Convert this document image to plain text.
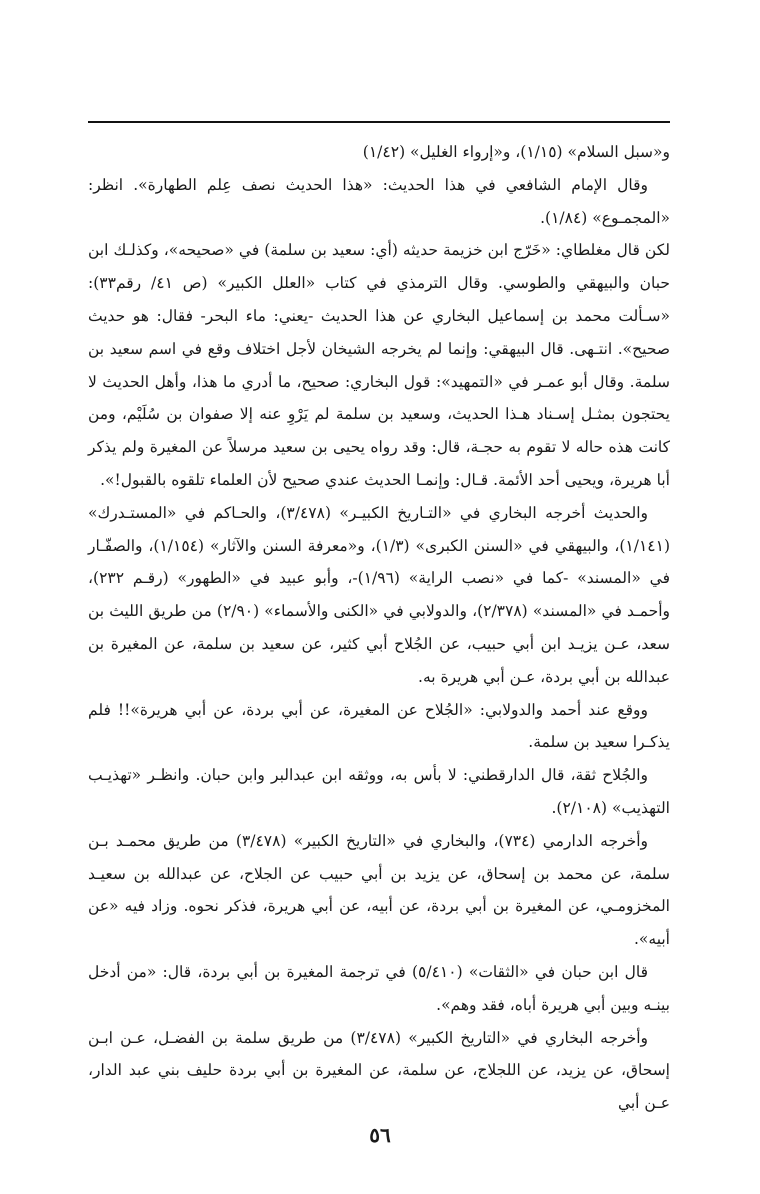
و«سبل السلام» (١/١٥)، و«إرواء الغليل» (١/٤٢)

وقال الإمام الشافعي في هذا الحديث: «هذا الحديث نصف عِلم الطهارة». انظر: «المجمـوع» (١/٨٤).

لكن قال مغلطاي: «خَرّج ابن خزيمة حديثه (أي: سعيد بن سلمة) في «صحيحه»، وكذلـك ابن حبان والبيهقي والطوسي. وقال الترمذي في كتاب «العلل الكبير» (ص ٤١/ رقم٣٣): «سـألت محمد بن إسماعيل البخاري عن هذا الحديث -يعني: ماء البحر- فقال: هو حديث صحيح». انتـهى. قال البيهقي: وإنما لم يخرجه الشيخان لأجل اختلاف وقع في اسم سعيد بن سلمة. وقال أبو عمـر في «التمهيد»: قول البخاري: صحيح، ما أدري ما هذا، وأهل الحديث لا يحتجون بمثـل إسـناد هـذا الحديث، وسعيد بن سلمة لم يَرْوِ عنه إلا صفوان بن سُلَيْم، ومن كانت هذه حاله لا تقوم به حجـة، قال: وقد رواه يحيى بن سعيد مرسلاً عن المغيرة ولم يذكر أبا هريرة، ويحيى أحد الأئمة. قـال: وإنمـا الحديث عندي صحيح لأن العلماء تلقوه بالقبول!».

والحديث أخرجه البخاري في «التـاريخ الكبيـر» (٣/٤٧٨)، والحـاكم في «المستـدرك» (١/١٤١)، والبيهقي في «السنن الكبرى» (١/٣)، و«معرفة السنن والآثار» (١/١٥٤)، والصفّـار في «المسند» -كما في «نصب الراية» (١/٩٦)-، وأبو عبيد في «الطهور» (رقـم ٢٣٢)، وأحمـد في «المسند» (٢/٣٧٨)، والدولابي في «الكنى والأسماء» (٢/٩٠) من طريق الليث بن سعد، عـن يزيـد ابن أبي حبيب، عن الجُلاح أبي كثير، عن سعيد بن سلمة، عن المغيرة بن عبدالله بن أبي بردة، عـن أبي هريرة به.

ووقع عند أحمد والدولابي: «الجُلاح عن المغيرة، عن أبي بردة، عن أبي هريرة»!! فلم يذكـرا سعيد بن سلمة.

والجُلاح ثقة، قال الدارقطني: لا بأس به، ووثقه ابن عبدالبر وابن حبان. وانظـر «تهذيـب التهذيب» (٢/١٠٨).

وأخرجه الدارمي (٧٣٤)، والبخاري في «التاريخ الكبير» (٣/٤٧٨) من طريق محمـد بـن سلمة، عن محمد بن إسحاق، عن يزيد بن أبي حبيب عن الجلاح، عن عبدالله بن سعيـد المخزومـي، عن المغيرة بن أبي بردة، عن أبيه، عن أبي هريرة، فذكر نحوه. وزاد فيه «عن أبيه».

قال ابن حبان في «الثقات» (٥/٤١٠) في ترجمة المغيرة بن أبي بردة، قال: «من أدخل بينـه وبين أبي هريرة أباه، فقد وهم».

وأخرجه البخاري في «التاريخ الكبير» (٣/٤٧٨) من طريق سلمة بن الفضـل، عـن ابـن إسحاق، عن يزيد، عن اللجلاج، عن سلمة، عن المغيرة بن أبي بردة حليف بني عبد الدار، عـن أبي

٥٦
